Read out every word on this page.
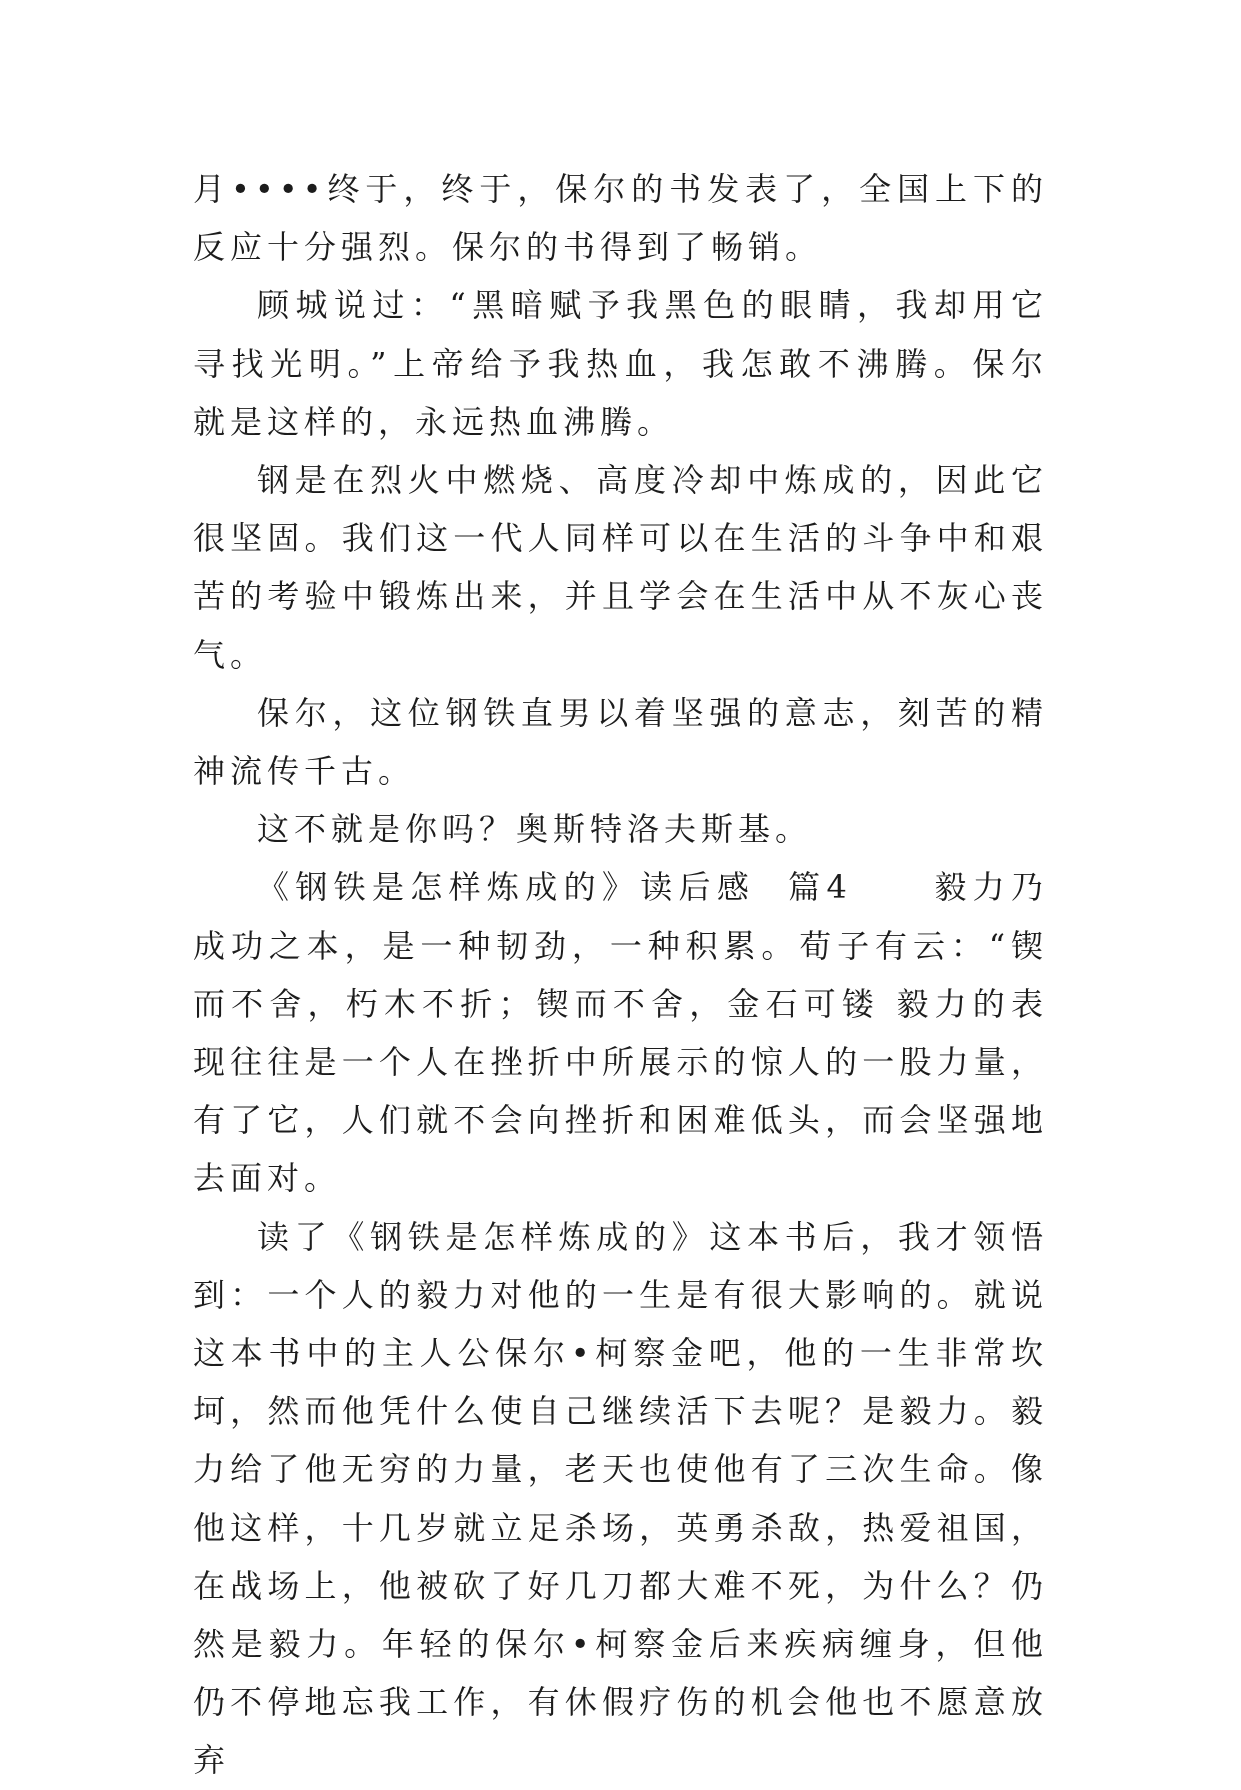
月••••终于，终于，保尔的书发表了，全国上下的反应十分强烈。保尔的书得到了畅销。

顾城说过：“黑暗赋予我黑色的眼睛，我却用它寻找光明。”上帝给予我热血，我怎敢不沸腾。保尔就是这样的，永远热血沸腾。

钢是在烈火中燃烧、高度冷却中炼成的，因此它很坚固。我们这一代人同样可以在生活的斗争中和艰苦的考验中锻炼出来，并且学会在生活中从不灰心丧气。

保尔，这位钢铁直男以着坚强的意志，刻苦的精神流传千古。

这不就是你吗？奥斯特洛夫斯基。

《钢铁是怎样炼成的》读后感  篇4     毅力乃成功之本，是一种韧劲，一种积累。荀子有云：“锲而不舍，朽木不折；锲而不舍，金石可镂 毅力的表现往往是一个人在挫折中所展示的惊人的一股力量，有了它，人们就不会向挫折和困难低头，而会坚强地去面对。

读了《钢铁是怎样炼成的》这本书后，我才领悟到：一个人的毅力对他的一生是有很大影响的。就说这本书中的主人公保尔•柯察金吧，他的一生非常坎坷，然而他凭什么使自己继续活下去呢？是毅力。毅力给了他无穷的力量，老天也使他有了三次生命。像他这样，十几岁就立足杀场，英勇杀敌，热爱祖国，在战场上，他被砍了好几刀都大难不死，为什么？仍然是毅力。年轻的保尔•柯察金后来疾病缠身，但他仍不停地忘我工作，有休假疗伤的机会他也不愿意放弃
